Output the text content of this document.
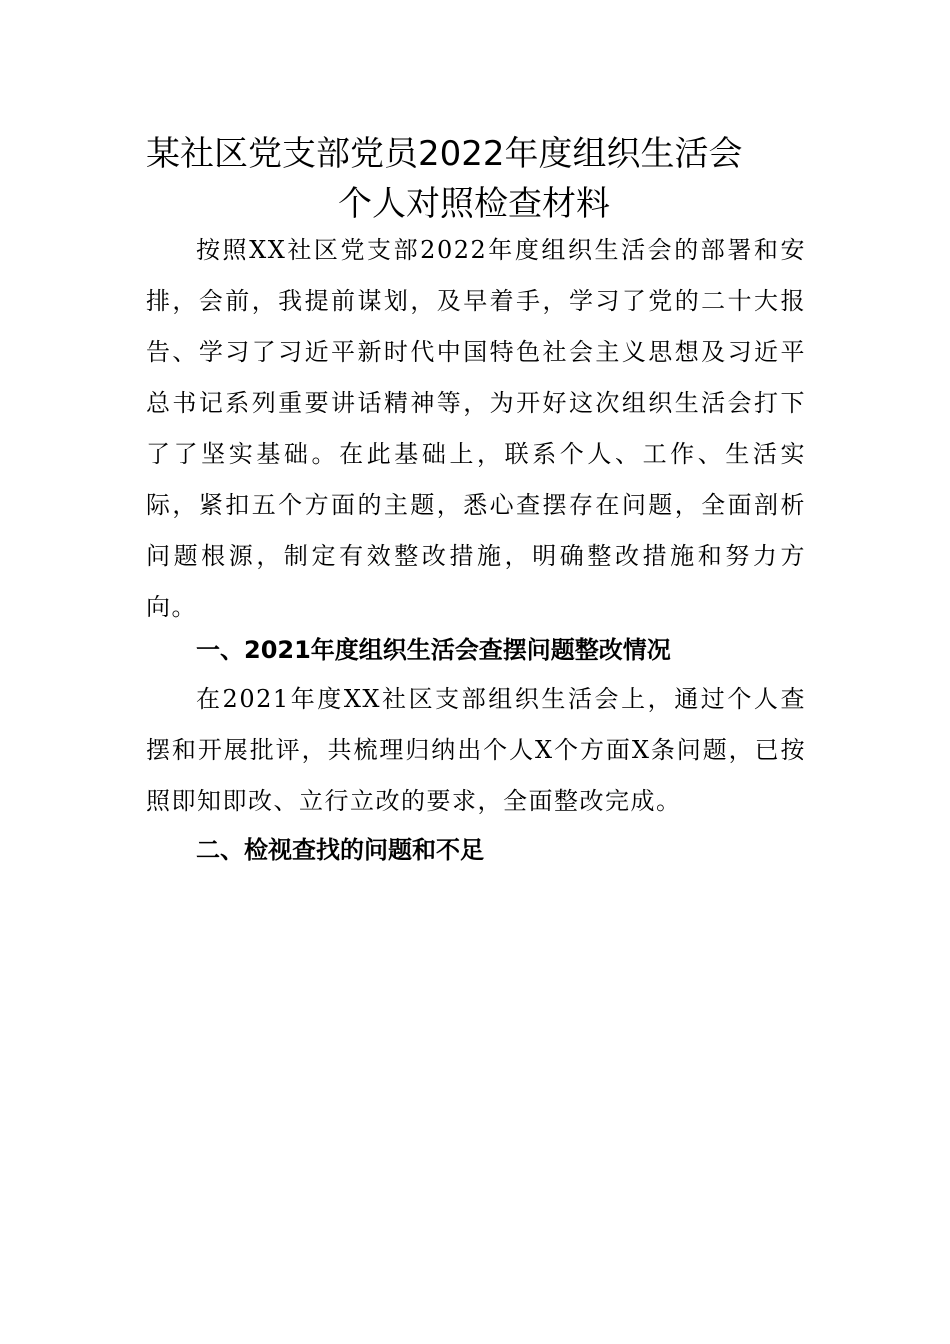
某社区党支部党员2022年度组织生活会
个人对照检查材料

按照XX社区党支部2022年度组织生活会的部署和安排，会前，我提前谋划，及早着手，学习了党的二十大报告、学习了习近平新时代中国特色社会主义思想及习近平总书记系列重要讲话精神等，为开好这次组织生活会打下了了坚实基础。在此基础上，联系个人、工作、生活实际，紧扣五个方面的主题，悉心查摆存在问题，全面剖析问题根源，制定有效整改措施，明确整改措施和努力方向。

一、2021年度组织生活会查摆问题整改情况

在2021年度XX社区支部组织生活会上，通过个人查摆和开展批评，共梳理归纳出个人X个方面X条问题，已按照即知即改、立行立改的要求，全面整改完成。

二、检视查找的问题和不足
